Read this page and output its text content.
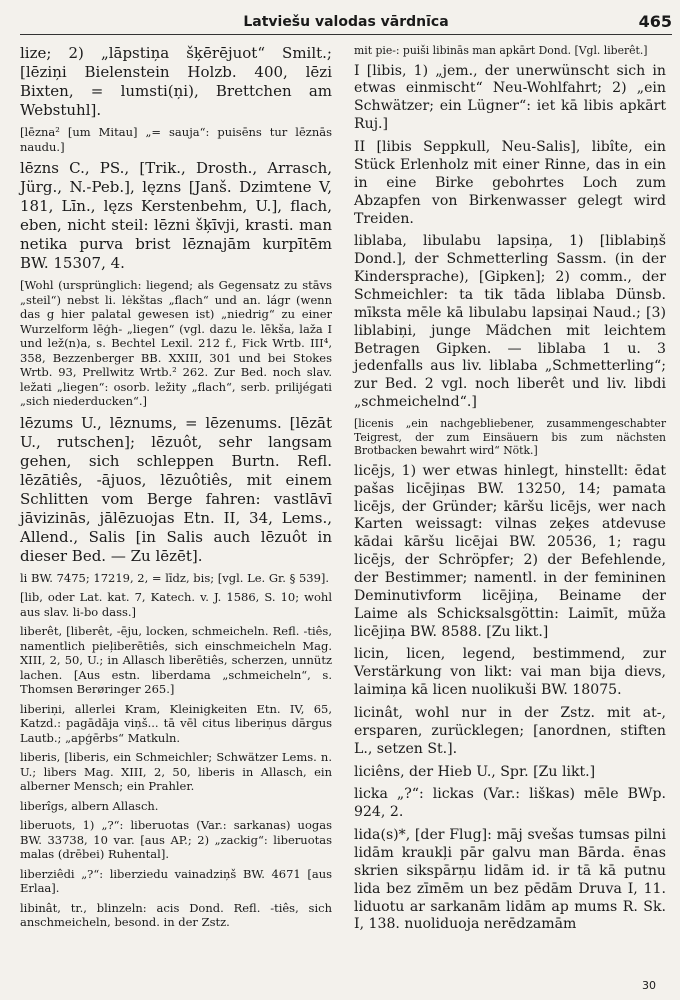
Latviešu valodas vārdnīca	465
lize; 2) „lāpstiņa šķērējuot“ Smilt.; [lēziņi Bielenstein Holzb. 400, lēzi Bixten, = lumsti(ņi), Brettchen am Webstuhl].
[lēzna² [um Mitau] „= sauja“: puisēns tur lēznās naudu.]
lēzns C., PS., [Trik., Drosth., Arrasch, Jürg., N.-Peb.], lęzns [Janš. Dzimtene V, 181, Līn., lęzs Kerstenbehm, U.], flach, eben, nicht steil: lēzni šķīvji, krasti. man netika purva brist lēznajām kurpītēm BW. 15307, 4.
[Wohl (ursprünglich: liegend; als Gegensatz zu stāvs „steil“) nebst li. lėkštas „flach“ und an. lágr (wenn das g hier palatal gewesen ist) „niedrig“ zu einer Wurzelform lēģh- „liegen“ (vgl. dazu le. lēkša, laža I und lež(n)a, s. Bechtel Lexil. 212 f., Fick Wrtb. III⁴, 358, Bezzenberger BB. XXIII, 301 und bei Stokes Wrtb. 93, Prellwitz Wrtb.² 262. Zur Bed. noch slav. ležati „liegen“: osorb. ležity „flach“, serb. prilijégati „sich niederducken“.]
lēzums U., lēznums, = lēzenums. [lēzāt U., rutschen]; lēzuôt, sehr langsam gehen, sich schleppen Burtn. Refl. lēzātiês, -ājuos, lēzuôtiês, mit einem Schlitten vom Berge fahren: vastlāvī jāvizinās, jālēzuojas Etn. II, 34, Lems., Allend., Salis [in Salis auch lēzuôt in dieser Bed. — Zu lēzēt].
li BW. 7475; 17219, 2, = līdz, bis; [vgl. Le. Gr. § 539].
[lib, oder Lat. kat. 7, Katech. v. J. 1586, S. 10; wohl aus slav. li-bo dass.]
liberêt, [liberêt, -ēju, locken, schmeicheln. Refl. -tiês, namentlich pieļiberētiês, sich einschmeicheln Mag. XIII, 2, 50, U.; in Allasch liberētiês, scherzen, unnütz lachen. [Aus estn. liberdama „schmeicheln“, s. Thomsen Berøringer 265.]
liberiņi, allerlei Kram, Kleinigkeiten Etn. IV, 65, Katzd.: pagādāja viņš... tā vēl citus liberiņus dārgus Lautb.; „apģērbs“ Matkuln.
liberis, [liberis, ein Schmeichler; Schwätzer Lems. n. U.; libers Mag. XIII, 2, 50, liberis in Allasch, ein alberner Mensch; ein Prahler.
liberîgs, albern Allasch.
liberuots, 1) „?“: liberuotas (Var.: sarkanas) uogas BW. 33738, 10 var. [aus AP.; 2) „zackig“: liberuotas malas (drēbei) Ruhental].
liberziêdi „?“: liberziedu vainadziņš BW. 4671 [aus Erlaa].
libinât, tr., blinzeln: acis Dond. Refl. -tiês, sich anschmeicheln, besond. in der Zstz.
mit pie-: puiši libinās man apkārt Dond. [Vgl. liberêt.]
I [libis, 1) „jem., der unerwünscht sich in etwas einmischt“ Neu-Wohlfahrt; 2) „ein Schwätzer; ein Lügner“: iet kā libis apkārt Ruj.]
II [libis Seppkull, Neu-Salis], libîte, ein Stück Erlenholz mit einer Rinne, das in ein in eine Birke gebohrtes Loch zum Abzapfen von Birkenwasser gelegt wird Treiden.
liblaba, libulabu lapsiņa, 1) [liblabiņš Dond.], der Schmetterling Sassm. (in der Kindersprache), [Gipken]; 2) comm., der Schmeichler: ta tik tāda liblaba Dünsb. mīksta mēle kā libulabu lapsiņai Naud.; [3) liblabiņi, junge Mädchen mit leichtem Betragen Gipken. — liblaba 1 u. 3 jedenfalls aus liv. liblaba „Schmetterling“; zur Bed. 2 vgl. noch liberêt und liv. libdi „schmeichelnd“.]
[licenis „ein nachgebliebener, zusammengeschabter Teigrest, der zum Einsäuern bis zum nächsten Brotbacken bewahrt wird“ Nötk.]
licējs, 1) wer etwas hinlegt, hinstellt: ēdat pašas licējiņas BW. 13250, 14; pamata licējs, der Gründer; kāršu licējs, wer nach Karten weissagt: vilnas zeķes atdevuse kādai kāršu licējai BW. 20536, 1; ragu licējs, der Schröpfer; 2) der Befehlende, der Bestimmer; namentl. in der femininen Deminutivform licējiņa, Beiname der Laime als Schicksalsgöttin: Laimīt, mūža licējiņa BW. 8588. [Zu likt.]
licin, licen, legend, bestimmend, zur Verstärkung von likt: vai man bija dievs, laimiņa kā licen nuolikuši BW. 18075.
licinât, wohl nur in der Zstz. mit at-, ersparen, zurücklegen; [anordnen, stiften L., setzen St.].
liciêns, der Hieb U., Spr. [Zu likt.]
licka „?“: lickas (Var.: liškas) mēle BWp. 924, 2.
lida(s)*, [der Flug]: māj svešas tumsas pilni lidām kraukļi pār galvu man Bārda. ēnas skrien sikspārņu lidām id. ir tā kā putnu lida bez zīmēm un bez pēdām Druva I, 11. liduotu ar sarkanām lidām ap mums R. Sk. I, 138. nuoliduoja nerēdzamām
30
